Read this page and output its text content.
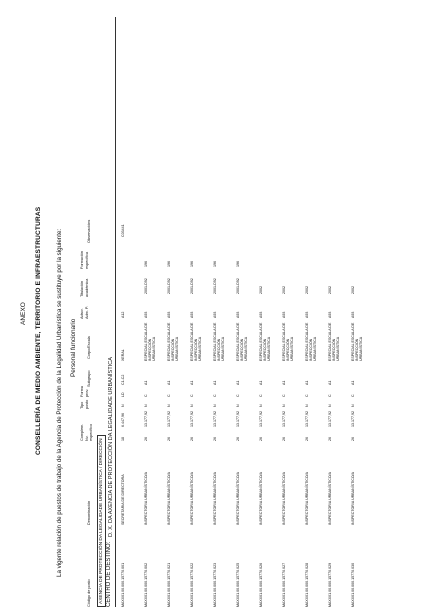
ANEXO CONSELLERÍA DE MEDIO AMBIENTE, TERRITORIO E INFRAESTRUCTURAS La vigente relación de puestos de trabajo de la Agencia de Protección de la Legalidad Urbanística se sustituye por la siguiente: Personal funcionario
Código de posto
Denominación
Complem. Nv. específico
Tipo posto
Forma prov.
Subgrupo
Corpo/Escala
Adscr. Adm. P.
Titulación académica
Formación específica
Observacións
AXENCIA DE PROTECCIÓN DA LEGALIDADE URBANÍSTICA / DIRECCIÓN CENTRO DE DESTINO:
D. X. DA AXENCIA DE PROTECCIÓN DA LEGALIDADE URBANÍSTICA
MAXX01.00.000.15770.001
SECRETARIA DE DIRECTORA
18
6.447,96
N
LD
C1-C2
XERAL
A12
C03441
MAXX01.00.000.15770.002
INSPECTOR/A URBANÍSTICO/A
26
13.177,92
N
C
A1
ESPECIAL ESCALA DE INSPECCIÓN URBANÍSTICA
A93
2001-D92
196
MAXX01.00.000.15770.021
INSPECTOR/A URBANÍSTICO/A
26
13.177,92
N
C
A1
ESPECIAL ESCALA DE INSPECCIÓN URBANÍSTICA
A93
2001-D92
196
MAXX01.00.000.15770.022
INSPECTOR/A URBANÍSTICO/A
26
13.177,92
N
C
A1
ESPECIAL ESCALA DE INSPECCIÓN URBANÍSTICA
A93
2001-D92
196
MAXX01.00.000.15770.023
INSPECTOR/A URBANÍSTICO/A
26
13.177,92
N
C
A1
ESPECIAL ESCALA DE INSPECCIÓN URBANÍSTICA
A93
2001-D92
196
MAXX01.00.000.15770.025
INSPECTOR/A URBANÍSTICO/A
26
13.177,92
N
C
A1
ESPECIAL ESCALA DE INSPECCIÓN URBANÍSTICA
A93
2001-D92
196
MAXX01.00.000.15770.026
INSPECTOR/A URBANÍSTICO/A
26
13.177,92
N
C
A1
ESPECIAL ESCALA DE INSPECCIÓN URBANÍSTICA
A93
2002
MAXX01.00.000.15770.027
INSPECTOR/A URBANÍSTICO/A
26
13.177,92
N
C
A1
ESPECIAL ESCALA DE INSPECCIÓN URBANÍSTICA
A93
2002
MAXX01.00.000.15770.028
INSPECTOR/A URBANÍSTICO/A
26
13.177,92
N
C
A1
ESPECIAL ESCALA DE INSPECCIÓN URBANÍSTICA
A93
2002
MAXX01.00.000.15770.029
INSPECTOR/A URBANÍSTICO/A
26
13.177,92
N
C
A1
ESPECIAL ESCALA DE INSPECCIÓN URBANÍSTICA
A93
2002
MAXX01.00.000.15770.030
INSPECTOR/A URBANÍSTICO/A
26
13.177,92
N
C
A1
ESPECIAL ESCALA DE INSPECCIÓN URBANÍSTICA
A93
2002
